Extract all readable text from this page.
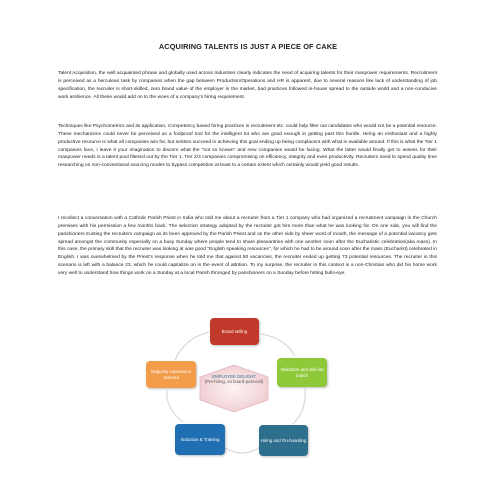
ACQUIRING TALENTS IS JUST A PIECE OF CAKE

Talent Acquisition, the well acquainted phrase and globally used across Industries clearly indicates the need of acquiring talents for their manpower requirements. Recruitment is perceived as a herculean task by companies when the gap between Production/Operations and HR is apparent, due to several reasons like lack of understanding of job specification, the recruiter is short-skilled, zero brand value of the employer in the market, bad practices followed in-house spread to the outside world and a non-conducive work ambience. All these would add on to the woes of a company's hiring requirement.

Techniques like Psychometrics and its application, Competency based hiring practices in recruitment etc. could help filter out candidates who would not be a potential resource. These mechanisms could never be perceived as a foolproof tool for the intelligent lot who are good enough in getting past this hurdle. Hiring an enthusiast and a highly productive resource is what all companies aim for, but seldom succeed in achieving this goal ending up being complacent with what is available around. If this is what the Tier 1 companies face, I leave it your imagination to discern what the "not so known" and new companies would be facing. What the latter would finally get to assess for their manpower needs is a talent pool filtered out by the Tier 1, Tier 2/3 companies compromising on efficiency, integrity and even productivity. Recruiters need to spend quality time researching on non-conventional sourcing modes to bypass competition at least to a certain extent which certainly would yield good results.

I recollect a conversation with a Catholic Parish Priest in India who told me about a recruiter from a Tier 1 company who had organized a recruitment campaign in the Church premises with his permission a few months back. The selection strategy adopted by the recruiter got him more than what he was looking for. On one side, you will find the parishioners trusting the recruiters campaign as its been approved by the Parish Priest and on the other side by sheer word of mouth, the message of a potential vacancy gets spread amongst the community especially on a busy Sunday where people tend to share pleasantries with one another soon after the Eucharistic celebration(aka mass). In this case, the primary skill that the recruiter was looking at was good "English speaking resources", for which he had to be around soon after the mass (Eucharist) celebrated in English. I was overwhelmed by the Priest's response when he told me that against 50 vacancies, the recruiter ended up getting 73 potential resources. The recruiter in this scenario is left with a balance 23, which he could capitalize on in the event of attrition. To my surprise, the recruiter in this context is a non-Christian who did his home work very well to understand how things work on a Sunday at a local Parish thronged by parishioners on a Sunday before hitting bulls-eye.

Brand selling
Validation and skill set match
Hiring and On-boarding
Induction & Training
longevity experience assured	EMPLOYEE DELIGHT
(Pre-hiring, on board-post-exit)
